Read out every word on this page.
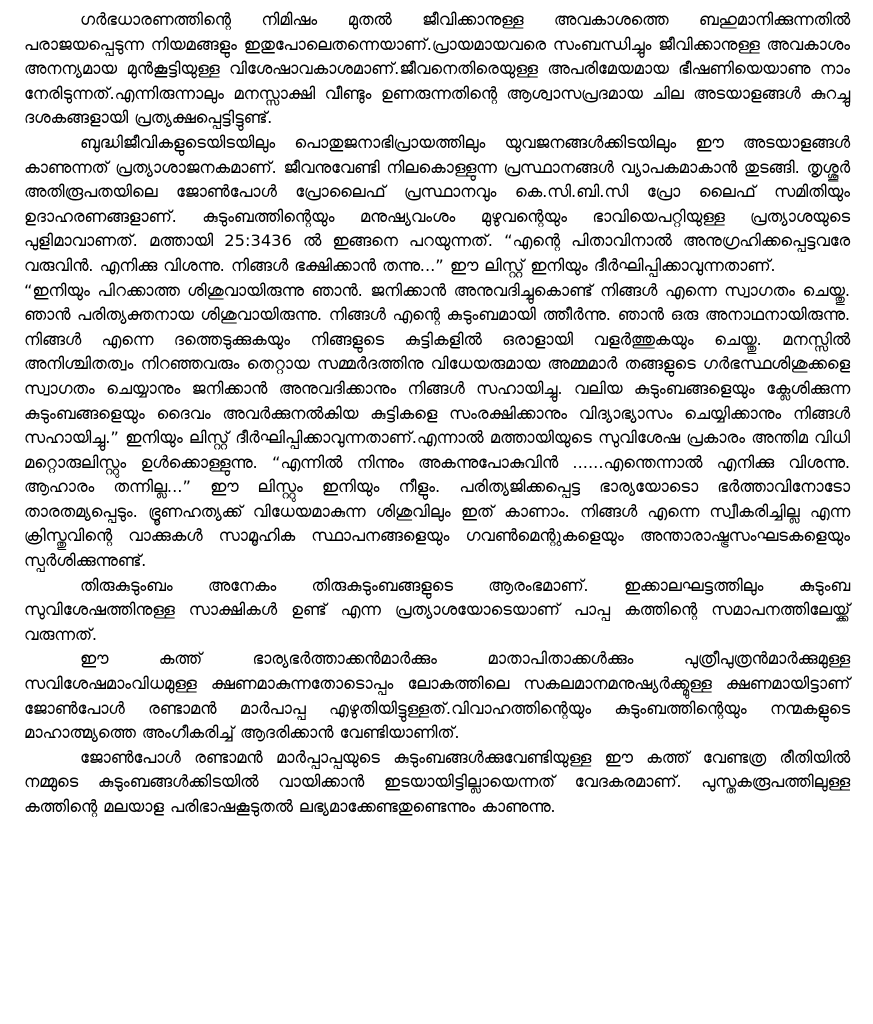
ഗർഭധാരണത്തിന്റെ നിമിഷം മുതൽ ജീവിക്കാനുള്ള അവകാശത്തെ ബഹുമാനിക്കുന്നതിൽ പരാജയപ്പെടുന്ന നിയമങ്ങളും ഇതുപോലെതന്നെയാണ്.പ്രായമായവരെ സംബന്ധിച്ചും ജീവിക്കാനുള്ള അവകാശം അനന്യമായ മുൻകൂട്ടിയുള്ള വിശേഷാവകാശമാണ്.ജീവനെതിരെയുള്ള അപരിമേയമായ ഭീഷണിയെയാണു നാം നേരിടുന്നത്.എന്നിരുന്നാലും മനസ്സാക്ഷി വീണ്ടും ഉണരുന്നതിന്റെ ആശ്വാസപ്രദമായ ചില അടയാളങ്ങൾ കുറച്ചു ദശകങ്ങളായി പ്രത്യക്ഷപ്പെട്ടിട്ടുണ്ട്.

ബുദ്ധിജീവികളുടെയിടയിലും പൊതുജനാഭിപ്രായത്തിലും യുവജനങ്ങൾക്കിടയിലും ഈ അടയാളങ്ങൾ കാണുന്നത് പ്രത്യാശാജനകമാണ്. ജീവനുവേണ്ടി നിലകൊള്ളുന്ന പ്രസ്ഥാനങ്ങൾ വ്യാപകമാകാൻ തുടങ്ങി. തൃശ്ശൂർ അതിരൂപതയിലെ ജോൺപോൾ പ്രോലൈഫ് പ്രസ്ഥാനവും കെ.സി.ബി.സി പ്രോ ലൈഫ് സമിതിയും ഉദാഹരണങ്ങളാണ്. കുടുംബത്തിന്റെയും മനുഷ്യവംശം മുഴുവന്റെയും ഭാവിയെപറ്റിയുള്ള പ്രത്യാശയുടെ പുളിമാവാണത്. മത്തായി 25:3436 ൽ ഇങ്ങനെ പറയുന്നത്. “എന്റെ പിതാവിനാൽ അനുഗ്രഹിക്കപ്പെട്ടവരേ വരുവിൻ. എനിക്കു വിശന്നു. നിങ്ങൾ ഭക്ഷിക്കാൻ തന്നു...” ഈ ലിസ്റ്റ് ഇനിയും ദീർഘിപ്പിക്കാവുന്നതാണ്.

“ഇനിയും പിറക്കാത്ത ശിശുവായിരുന്നു ഞാൻ. ജനിക്കാൻ അനുവദിച്ചുകൊണ്ട് നിങ്ങൾ എന്നെ സ്വാഗതം ചെയ്തു. ഞാൻ പരിത്യക്തനായ ശിശുവായിരുന്നു. നിങ്ങൾ എന്റെ കുടുംബമായി ത്തീർന്നു. ഞാൻ ഒരു അനാഥനായിരുന്നു. നിങ്ങൾ എന്നെ ദത്തെടുക്കുകയും നിങ്ങളുടെ കുട്ടികളിൽ ഒരാളായി വളർത്തുകയും ചെയ്തു. മനസ്സിൽ അനിശ്ചിതത്വം നിറഞ്ഞവരും തെറ്റായ സമ്മർദത്തിനു വിധേയരുമായ അമ്മമാർ തങ്ങളുടെ ഗർഭസ്ഥശിശുക്കളെ സ്വാഗതം ചെയ്യാനും ജനിക്കാൻ അനുവദിക്കാനും നിങ്ങൾ സഹായിച്ചു. വലിയ കുടുംബങ്ങളെയും ക്ലേശിക്കുന്ന കുടുംബങ്ങളെയും ദൈവം അവർക്കുനൽകിയ കുട്ടികളെ സംരക്ഷിക്കാനും വിദ്യാഭ്യാസം ചെയ്യിക്കാനും നിങ്ങൾ സഹായിച്ചു.” ഇനിയും ലിസ്റ്റ് ദീർഘിപ്പിക്കാവുന്നതാണ്.എന്നാൽ മത്തായിയുടെ സുവിശേഷ പ്രകാരം അന്തിമ വിധി മറ്റൊരുലിസ്റ്റും ഉൾക്കൊള്ളുന്നു. “എന്നിൽ നിന്നും അകന്നുപോകുവിൻ ......എന്തെന്നാൽ എനിക്കു വിശന്നു. ആഹാരം തന്നില്ല...” ഈ ലിസ്റ്റും ഇനിയും നീളും. പരിത്യജിക്കപ്പെട്ട ഭാര്യയോടൊ ഭർത്താവിനോടോ താരതമ്യപ്പെടും. ഭ്രൂണഹത്യക്ക് വിധേയമാകുന്ന ശിശുവിലും ഇത് കാണാം. നിങ്ങൾ എന്നെ സ്വീകരിച്ചില്ല എന്ന ക്രിസ്തുവിന്റെ വാക്കുകൾ സാമൂഹിക സ്ഥാപനങ്ങളെയും ഗവൺമെന്റുകളെയും അന്താരാഷ്ട്രസംഘടകളെയും സ്പർശിക്കുന്നുണ്ട്.

തിരുകുടുംബം അനേകം തിരുകുടുംബങ്ങളുടെ ആരംഭമാണ്. ഇക്കാലഘട്ടത്തിലും കുടുംബ സുവിശേഷത്തിനുള്ള സാക്ഷികൾ ഉണ്ട് എന്ന പ്രത്യാശയോടെയാണ് പാപ്പ കത്തിന്റെ സമാപനത്തിലേയ്ക്ക് വരുന്നത്.

ഈ കത്ത് ഭാര്യഭർത്താക്കൻമാർക്കും മാതാപിതാക്കൾക്കും പുത്രീപുത്രൻമാർക്കുമുള്ള സവിശേഷമാംവിധമുള്ള ക്ഷണമാകുന്നതോടൊപ്പം ലോകത്തിലെ സകലമാനമനുഷ്യർക്ക്മുള്ള ക്ഷണമായിട്ടാണ് ജോൺപോൾ രണ്ടാമൻ മാർപാപ്പ എഴുതിയിട്ടുള്ളത്.വിവാഹത്തിന്റെയും കുടുംബത്തിന്റെയും നന്മകളുടെ മാഹാത്മ്യത്തെ അംഗീകരിച്ച് ആദരിക്കാൻ വേണ്ടിയാണിത്.

ജോൺപോൾ രണ്ടാമൻ മാർപ്പാപ്പയുടെ കുടുംബങ്ങൾക്കുവേണ്ടിയുള്ള ഈ കത്ത് വേണ്ടത്ര രീതിയിൽ നമ്മുടെ കുടുംബങ്ങൾക്കിടയിൽ വായിക്കാൻ ഇടയായിട്ടില്ലായെന്നത് വേദകരമാണ്. പുസ്തകരൂപത്തിലുള്ള കത്തിന്റെ മലയാള പരിഭാഷകൂടുതൽ ലഭ്യമാക്കേണ്ടതുണ്ടെന്നും കാണുന്നു.
